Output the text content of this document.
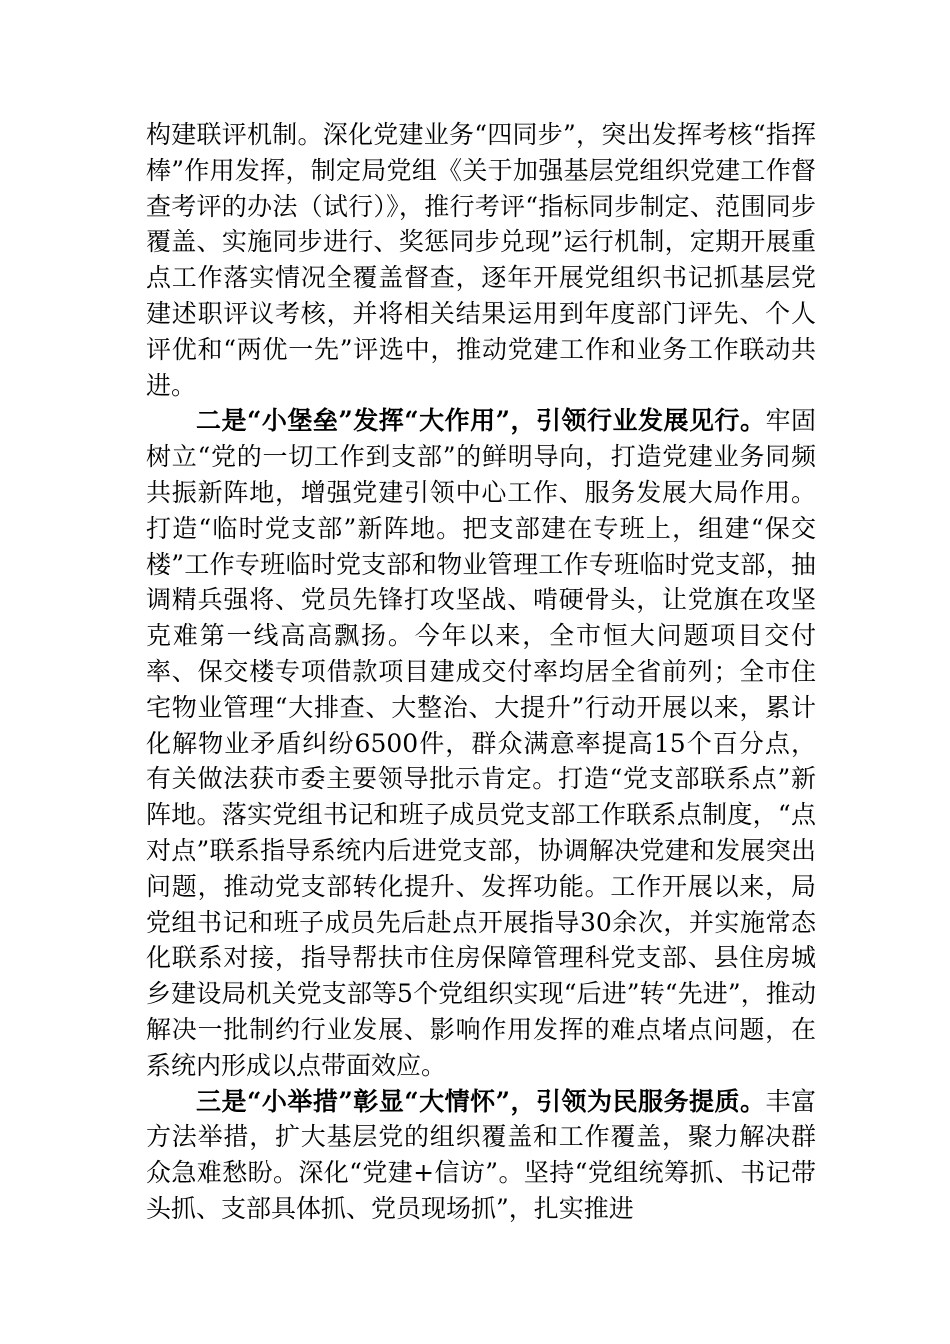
构建联评机制。深化党建业务“四同步”，突出发挥考核“指挥棒”作用发挥，制定局党组《关于加强基层党组织党建工作督查考评的办法（试行）》，推行考评“指标同步制定、范围同步覆盖、实施同步进行、奖惩同步兑现”运行机制，定期开展重点工作落实情况全覆盖督查，逐年开展党组织书记抓基层党建述职评议考核，并将相关结果运用到年度部门评先、个人评优和“两优一先”评选中，推动党建工作和业务工作联动共进。

二是“小堡垒”发挥“大作用”，引领行业发展见行。牢固树立“党的一切工作到支部”的鲜明导向，打造党建业务同频共振新阵地，增强党建引领中心工作、服务发展大局作用。打造“临时党支部”新阵地。把支部建在专班上，组建“保交楼”工作专班临时党支部和物业管理工作专班临时党支部，抽调精兵强将、党员先锋打攻坚战、啃硬骨头，让党旗在攻坚克难第一线高高飘扬。今年以来，全市恒大问题项目交付率、保交楼专项借款项目建成交付率均居全省前列；全市住宅物业管理“大排查、大整治、大提升”行动开展以来，累计化解物业矛盾纠纷6500件，群众满意率提高15个百分点，有关做法获市委主要领导批示肯定。打造“党支部联系点”新阵地。落实党组书记和班子成员党支部工作联系点制度，“点对点”联系指导系统内后进党支部，协调解决党建和发展突出问题，推动党支部转化提升、发挥功能。工作开展以来，局党组书记和班子成员先后赴点开展指导30余次，并实施常态化联系对接，指导帮扶市住房保障管理科党支部、县住房城乡建设局机关党支部等5个党组织实现“后进”转“先进”，推动解决一批制约行业发展、影响作用发挥的难点堵点问题，在系统内形成以点带面效应。

三是“小举措”彰显“大情怀”，引领为民服务提质。丰富方法举措，扩大基层党的组织覆盖和工作覆盖，聚力解决群众急难愁盼。深化“党建+信访”。坚持“党组统筹抓、书记带头抓、支部具体抓、党员现场抓”，扎实推进
